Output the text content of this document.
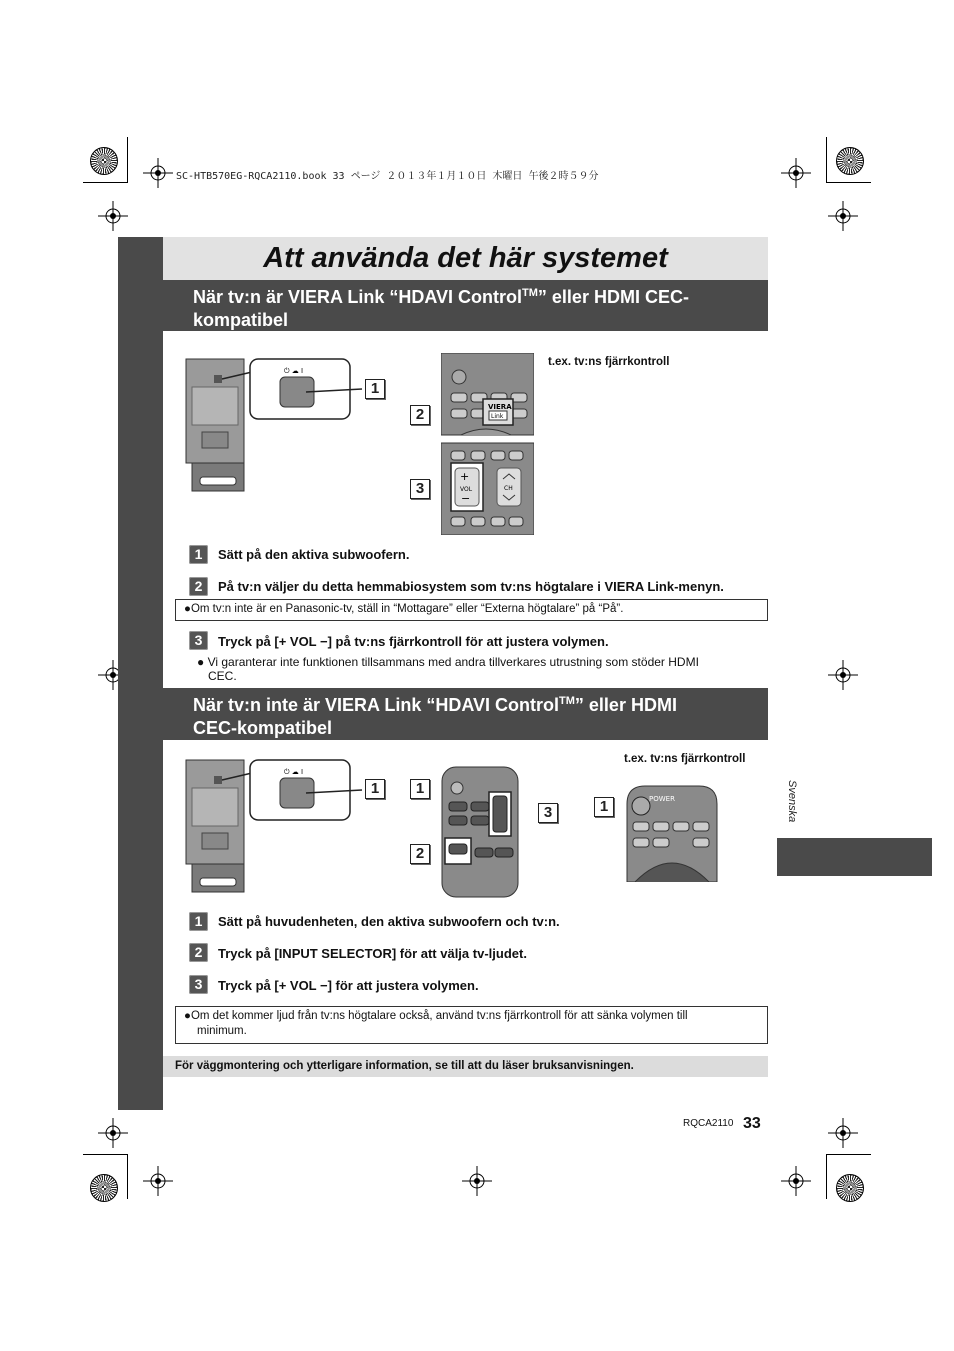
SC-HTB570EG-RQCA2110.book 33 ページ ２０１３年１月１０日 木曜日 午後２時５９分
Att använda det här systemet
När tv:n är VIERA Link “HDAVI Control™” eller HDMI CEC-
kompatibel
⏻ ☁ I
1
VIERA
Link
+
VOL
−
CH
2
3
t.ex. tv:ns fjärrkontroll
1	Sätt på den aktiva subwoofern.
2	På tv:n väljer du detta hemmabiosystem som tv:ns högtalare i VIERA Link-menyn.
●Om tv:n inte är en Panasonic-tv, ställ in “Mottagare” eller “Externa högtalare” på “På”.
3	Tryck på [+ VOL −] på tv:ns fjärrkontroll för att justera volymen.
● Vi garanterar inte funktionen tillsammans med andra tillverkares utrustning som stöder HDMI
CEC.
När tv:n inte är VIERA Link “HDAVI Control™” eller HDMI
CEC-kompatibel
⏻ ☁ I
1	1
3
2
POWER
1
t.ex. tv:ns fjärrkontroll
1	Sätt på huvudenheten, den aktiva subwoofern och tv:n.
2	Tryck på [INPUT SELECTOR] för att välja tv-ljudet.
3	Tryck på [+ VOL −] för att justera volymen.
●Om det kommer ljud från tv:ns högtalare också, använd tv:ns fjärrkontroll för att sänka volymen till
minimum.
För väggmontering och ytterligare information, se till att du läser bruksanvisningen.
Svenska
RQCA2110 33
